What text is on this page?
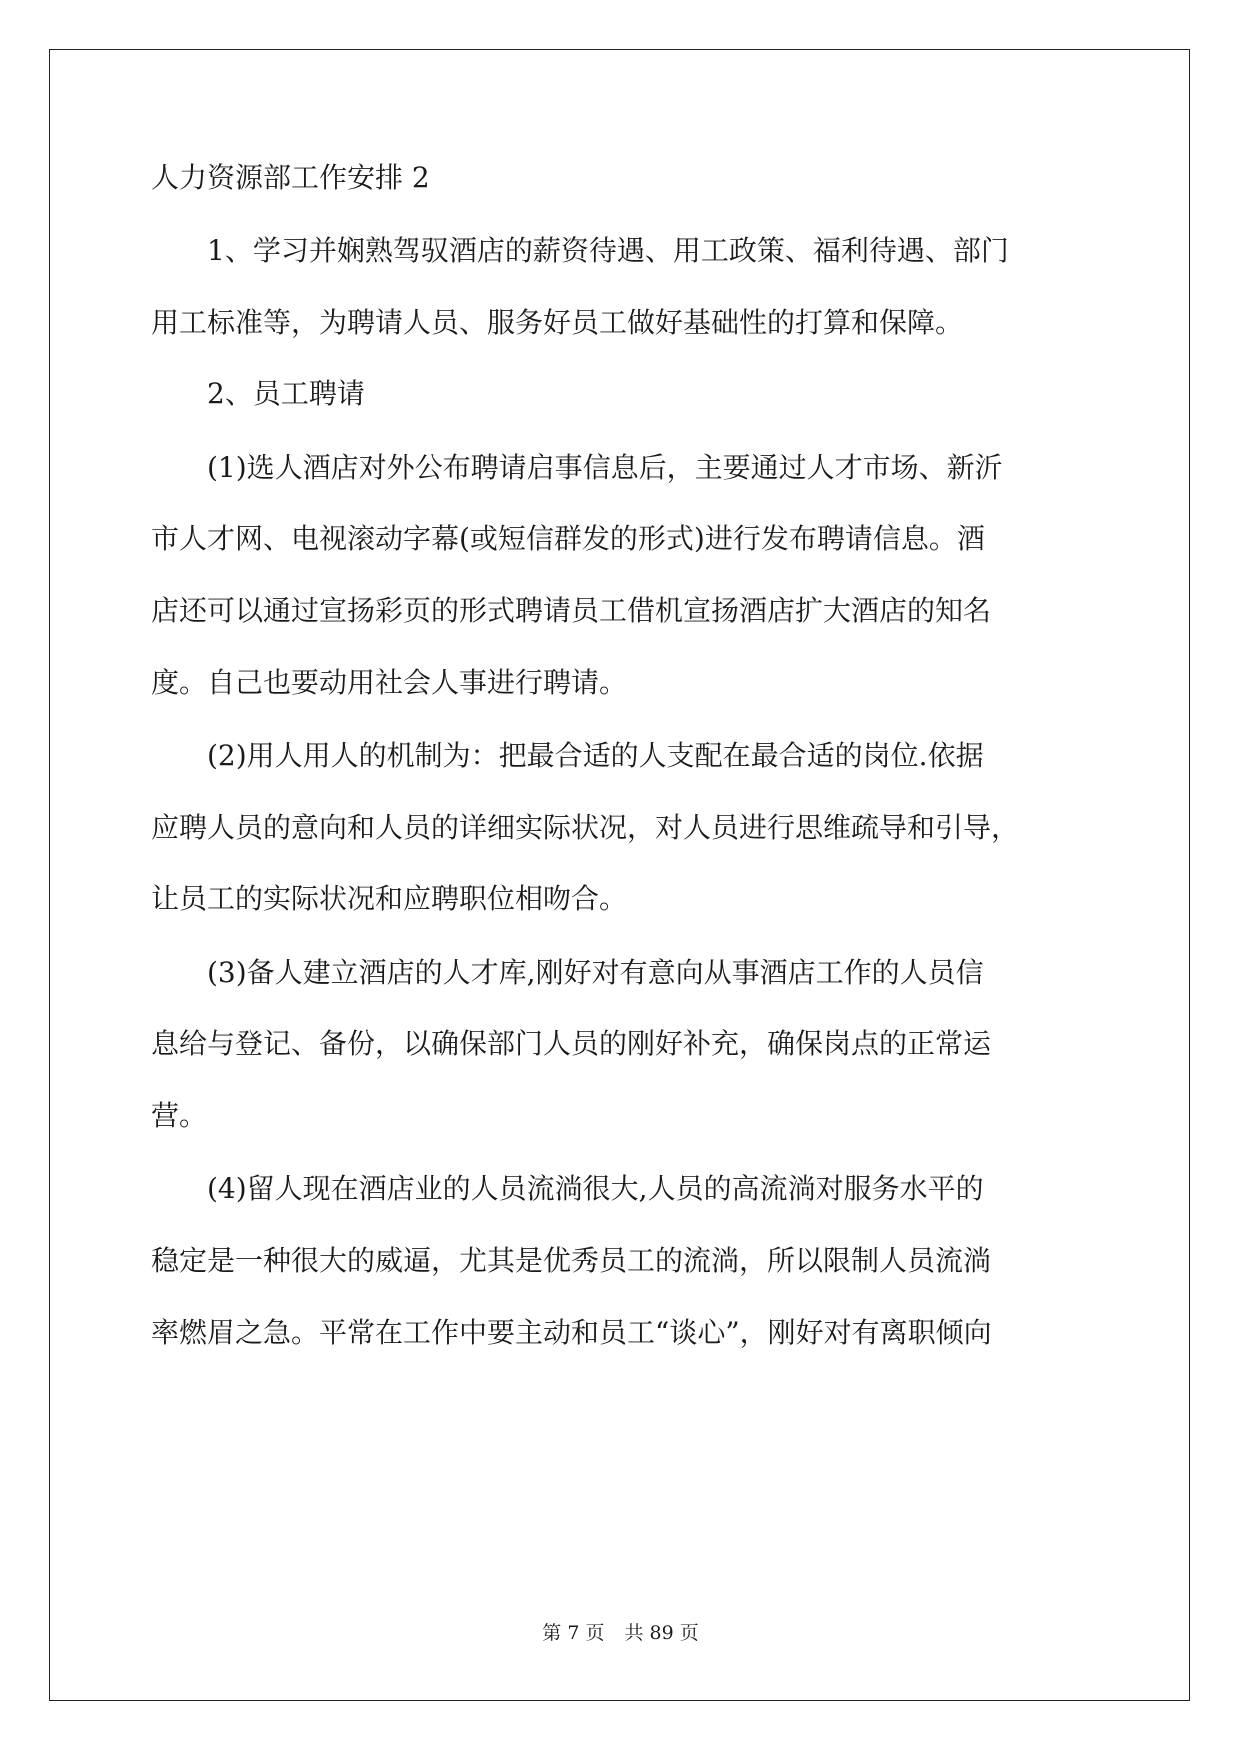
人力资源部工作安排 2
1、学习并娴熟驾驭酒店的薪资待遇、用工政策、福利待遇、部门
用工标准等，为聘请人员、服务好员工做好基础性的打算和保障。
2、员工聘请
(1)选人酒店对外公布聘请启事信息后，主要通过人才市场、新沂
市人才网、电视滚动字幕(或短信群发的形式)进行发布聘请信息。酒
店还可以通过宣扬彩页的形式聘请员工借机宣扬酒店扩大酒店的知名
度。自己也要动用社会人事进行聘请。
(2)用人用人的机制为：把最合适的人支配在最合适的岗位.依据
应聘人员的意向和人员的详细实际状况，对人员进行思维疏导和引导，
让员工的实际状况和应聘职位相吻合。
(3)备人建立酒店的人才库,刚好对有意向从事酒店工作的人员信
息给与登记、备份，以确保部门人员的刚好补充，确保岗点的正常运
营。
(4)留人现在酒店业的人员流淌很大,人员的高流淌对服务水平的
稳定是一种很大的威逼，尤其是优秀员工的流淌，所以限制人员流淌
率燃眉之急。平常在工作中要主动和员工“谈心”，刚好对有离职倾向
第 7 页 共 89 页
